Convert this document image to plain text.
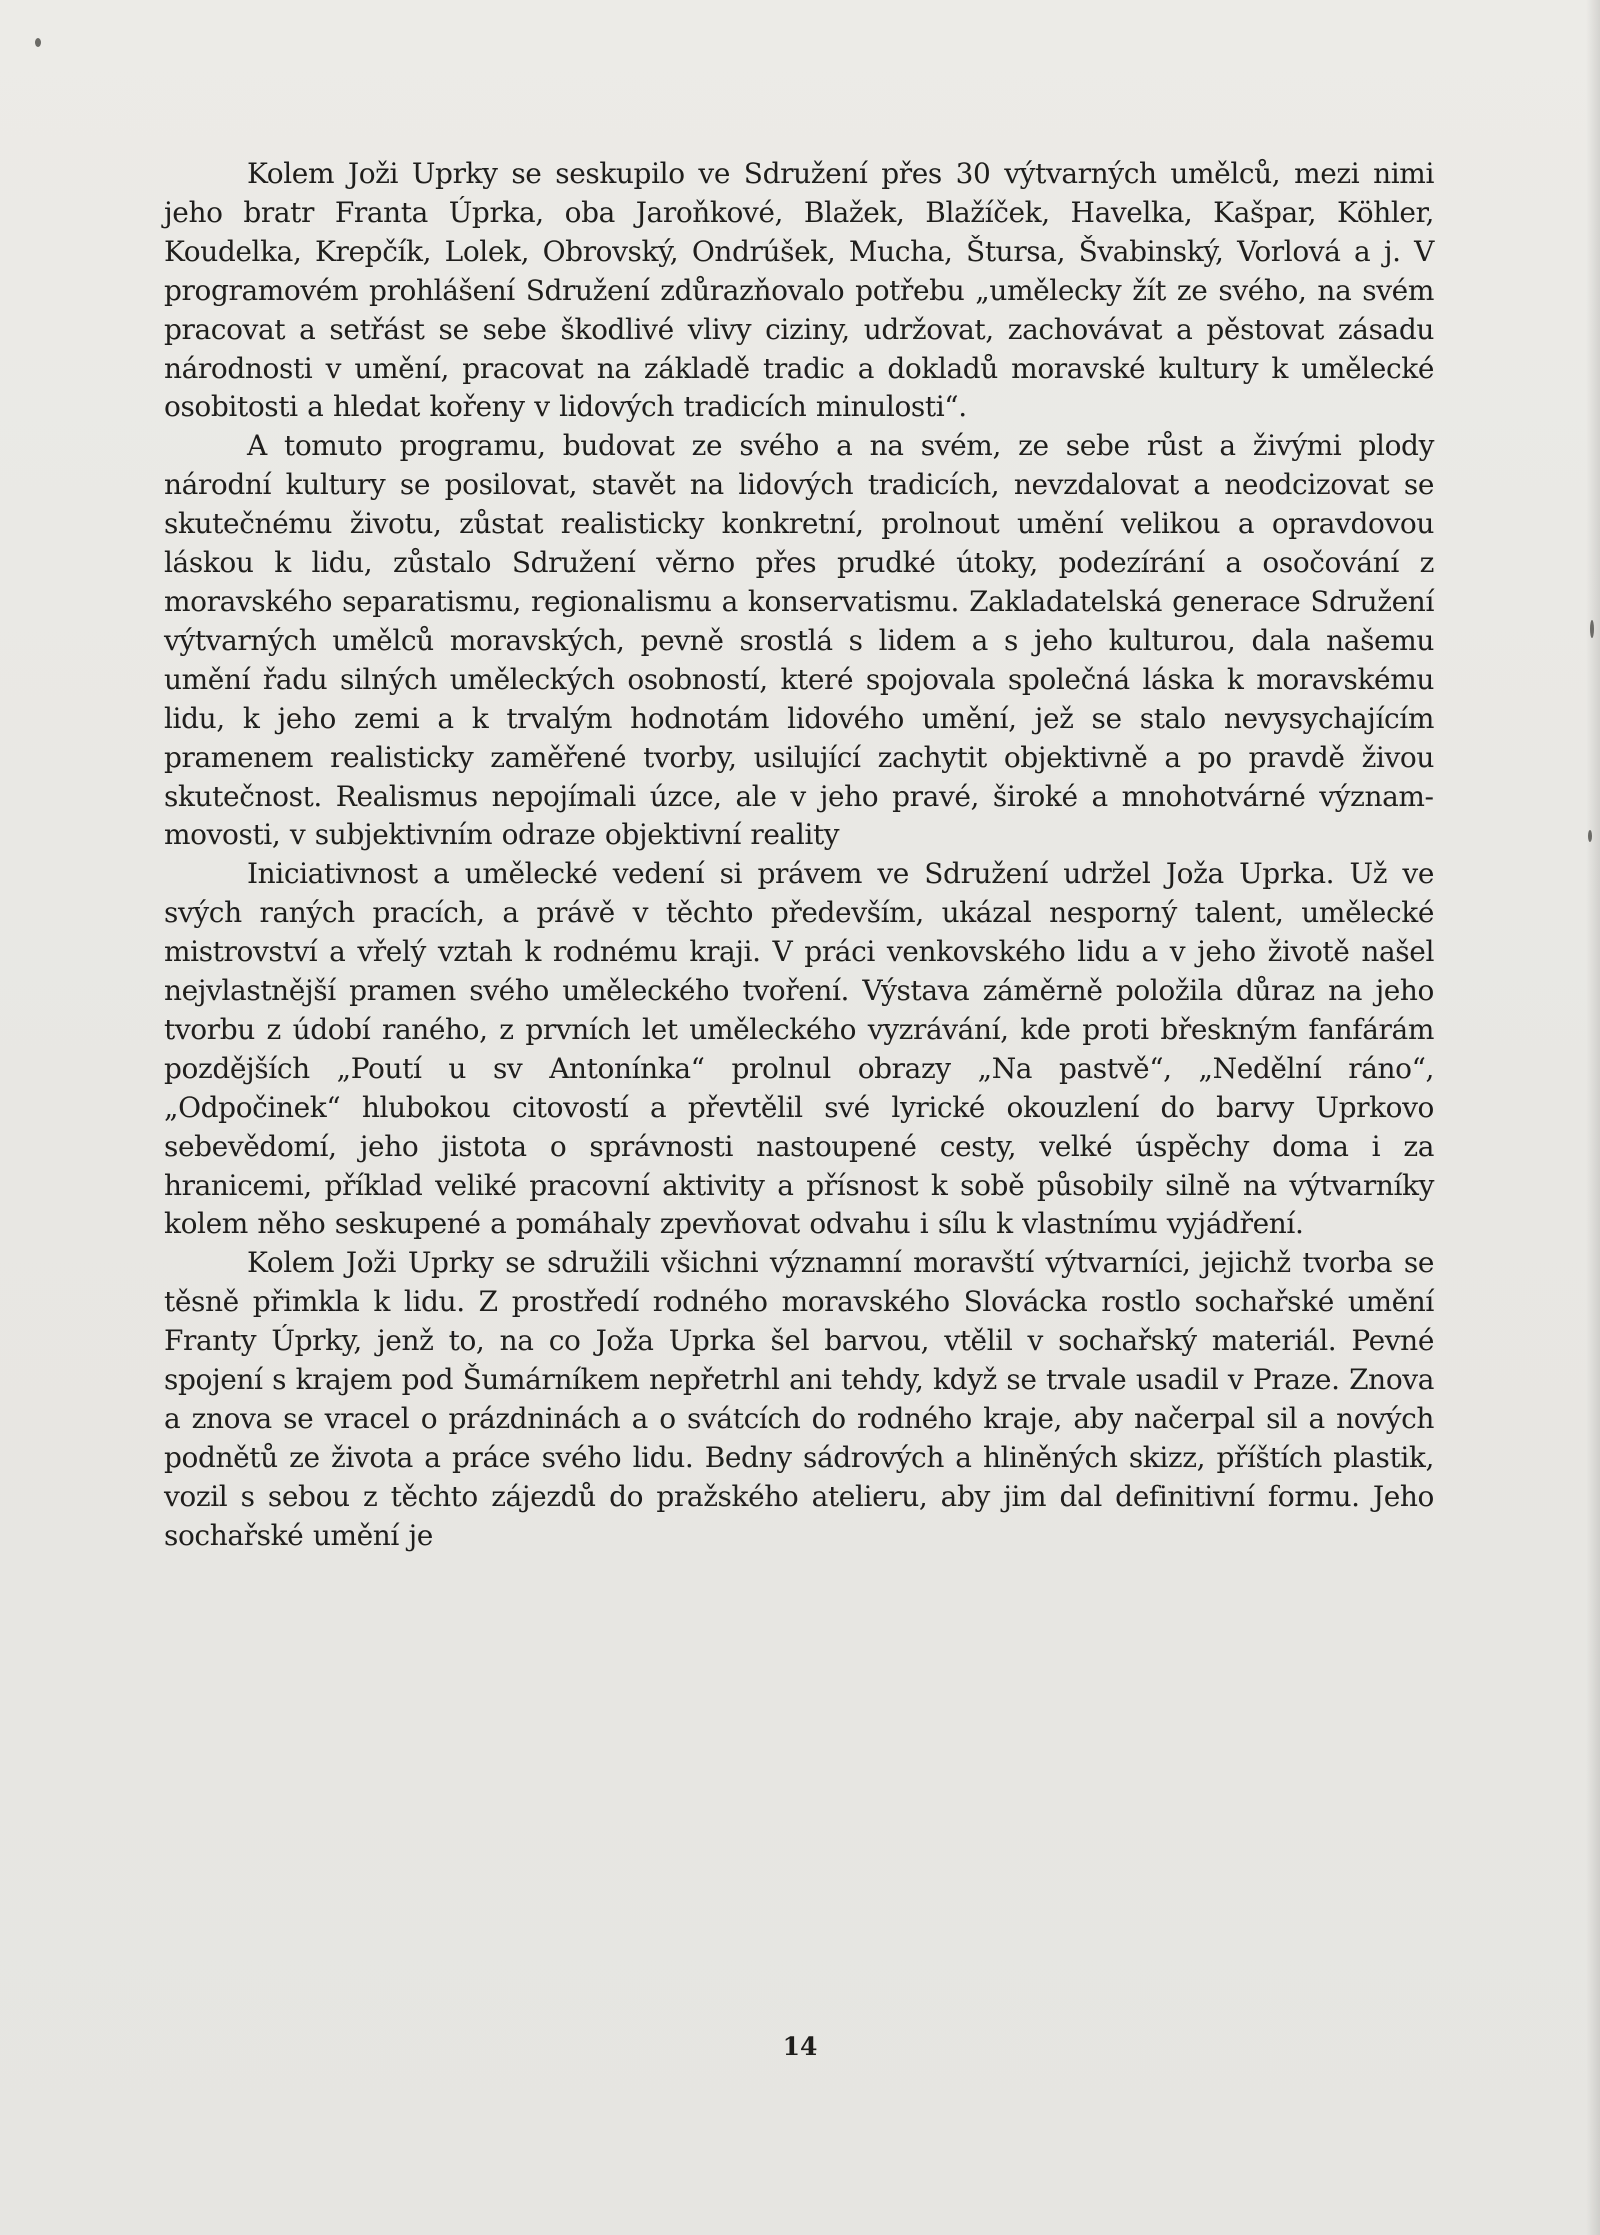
Kolem Joži Uprky se seskupilo ve Sdružení přes 30 výtvarných umělců, mezi nimi jeho bratr Franta Úprka, oba Jaroňkové, Blažek, Blažíček, Havelka, Kašpar, Köhler, Koudelka, Krepčík, Lolek, Obrovský, Ondrúšek, Mucha, Štursa, Švabinský, Vorlová a j. V programovém prohlášení Sdružení zdůrazňovalo potřebu „umělecky žít ze svého, na svém pracovat a setřást se sebe škodlivé vlivy ciziny, udržovat, zachovávat a pěstovat zásadu národnosti v umění, pracovat na základě tradic a dokladů moravské kultury k umělecké osobitosti a hledat kořeny v lidových tradicích minulosti“.

A tomuto programu, budovat ze svého a na svém, ze sebe růst a živými plody národní kultury se posilovat, stavět na lidových tradicích, nevzdalovat a neodcizovat se skutečnému životu, zůstat realisticky konkretní, prolnout umění velikou a opravdovou láskou k lidu, zůstalo Sdružení věrno přes prudké útoky, podezírání a osočování z moravského separatismu, regionalismu a konservatismu. Zakladatelská generace Sdružení výtvarných umělců moravských, pevně srostlá s lidem a s jeho kulturou, dala našemu umění řadu silných uměleckých osobností, které spojovala společná láska k moravskému lidu, k jeho zemi a k trvalým hodnotám lidového umění, jež se stalo nevysychajícím pramenem realisticky zaměřené tvorby, usilující zachytit objektivně a po pravdě živou skutečnost. Realismus nepojímali úzce, ale v jeho pravé, široké a mnohotvárné význammovosti, v subjektivním odraze objektivní reality

Iniciativnost a umělecké vedení si právem ve Sdružení udržel Joža Uprka. Už ve svých raných pracích, a právě v těchto především, ukázal nesporný talent, umělecké mistrovství a vřelý vztah k rodnému kraji. V práci venkovského lidu a v jeho životě našel nejvlastnější pramen svého uměleckého tvoření. Výstava záměrně položila důraz na jeho tvorbu z údobí raného, z prvních let uměleckého vyzrávání, kde proti břeskným fanfárám pozdějších „Poutí u sv Antonínka“ prolnul obrazy „Na pastvě“, „Nedělní ráno“, „Odpočinek“ hlubokou citovostí a převtělil své lyrické okouzlení do barvy Uprkovo sebevědomí, jeho jistota o správnosti nastoupené cesty, velké úspěchy doma i za hranicemi, příklad veliké pracovní aktivity a přísnost k sobě působily silně na výtvarníky kolem něho seskupené a pomáhaly zpevňovat odvahu i sílu k vlastnímu vyjádření.

Kolem Joži Uprky se sdružili všichni významní moravští výtvarníci, jejichž tvorba se těsně přimkla k lidu. Z prostředí rodného moravského Slovácka rostlo sochařské umění Franty Úprky, jenž to, na co Joža Uprka šel barvou, vtělil v sochařský materiál. Pevné spojení s krajem pod Šumárníkem nepřetrhl ani tehdy, když se trvale usadil v Praze. Znova a znova se vracel o prázdninách a o svátcích do rodného kraje, aby načerpal sil a nových podnětů ze života a práce svého lidu. Bedny sádrových a hliněných skizz, příštích plastik, vozil s sebou z těchto zájezdů do pražského atelieru, aby jim dal definitivní formu. Jeho sochařské umění je

14
